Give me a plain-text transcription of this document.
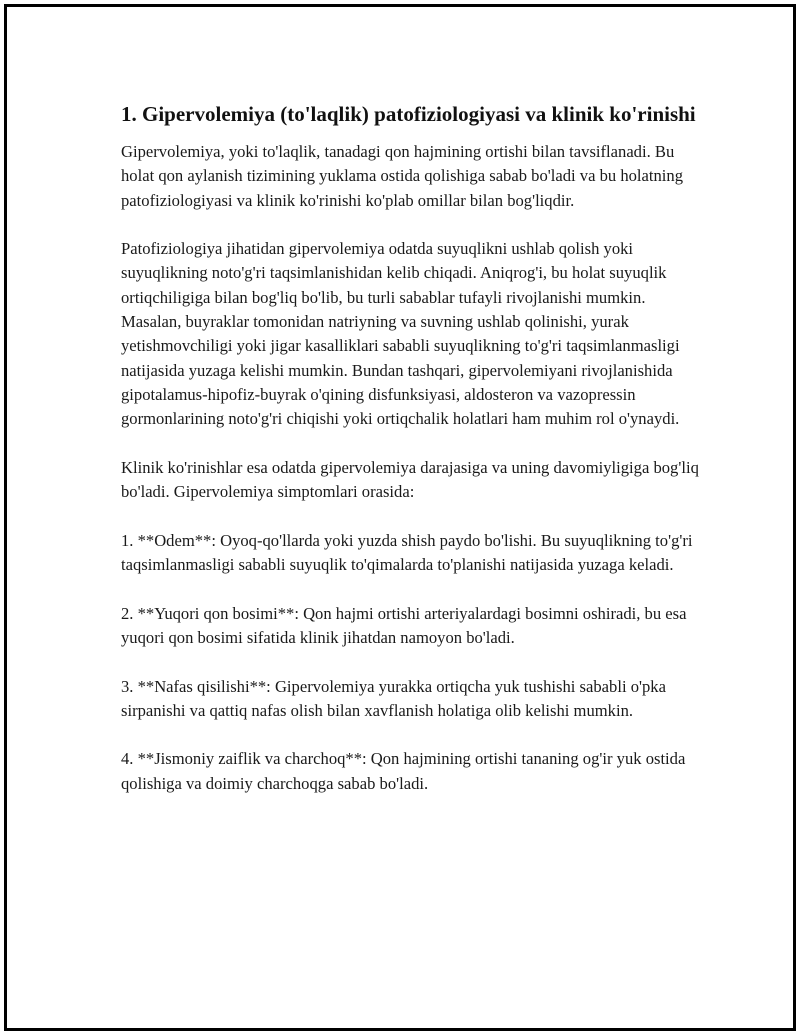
1. Gipervolemiya (to'laqlik) patofiziologiyasi va klinik ko'rinishi

Gipervolemiya, yoki to'laqlik, tanadagi qon hajmining ortishi bilan tavsiflanadi. Bu holat qon aylanish tizimining yuklama ostida qolishiga sabab bo'ladi va bu holatning patofiziologiyasi va klinik ko'rinishi ko'plab omillar bilan bog'liqdir.

Patofiziologiya jihatidan gipervolemiya odatda suyuqlikni ushlab qolish yoki suyuqlikning noto'g'ri taqsimlanishidan kelib chiqadi. Aniqrog'i, bu holat suyuqlik ortiqchiligiga bilan bog'liq bo'lib, bu turli sabablar tufayli rivojlanishi mumkin. Masalan, buyraklar tomonidan natriyning va suvning ushlab qolinishi, yurak yetishmovchiligi yoki jigar kasalliklari sababli suyuqlikning to'g'ri taqsimlanmasligi natijasida yuzaga kelishi mumkin. Bundan tashqari, gipervolemiyani rivojlanishida gipotalamus-hipofiz-buyrak o'qining disfunksiyasi, aldosteron va vazopressin gormonlarining noto'g'ri chiqishi yoki ortiqchalik holatlari ham muhim rol o'ynaydi.

Klinik ko'rinishlar esa odatda gipervolemiya darajasiga va uning davomiyligiga bog'liq bo'ladi. Gipervolemiya simptomlari orasida:

1. **Odem**: Oyoq-qo'llarda yoki yuzda shish paydo bo'lishi. Bu suyuqlikning to'g'ri taqsimlanmasligi sababli suyuqlik to'qimalarda to'planishi natijasida yuzaga keladi.

2. **Yuqori qon bosimi**: Qon hajmi ortishi arteriyalardagi bosimni oshiradi, bu esa yuqori qon bosimi sifatida klinik jihatdan namoyon bo'ladi.

3. **Nafas qisilishi**: Gipervolemiya yurakka ortiqcha yuk tushishi sababli o'pka sirpanishi va qattiq nafas olish bilan xavflanish holatiga olib kelishi mumkin.

4. **Jismoniy zaiflik va charchoq**: Qon hajmining ortishi tananing og'ir yuk ostida qolishiga va doimiy charchoqga sabab bo'ladi.
